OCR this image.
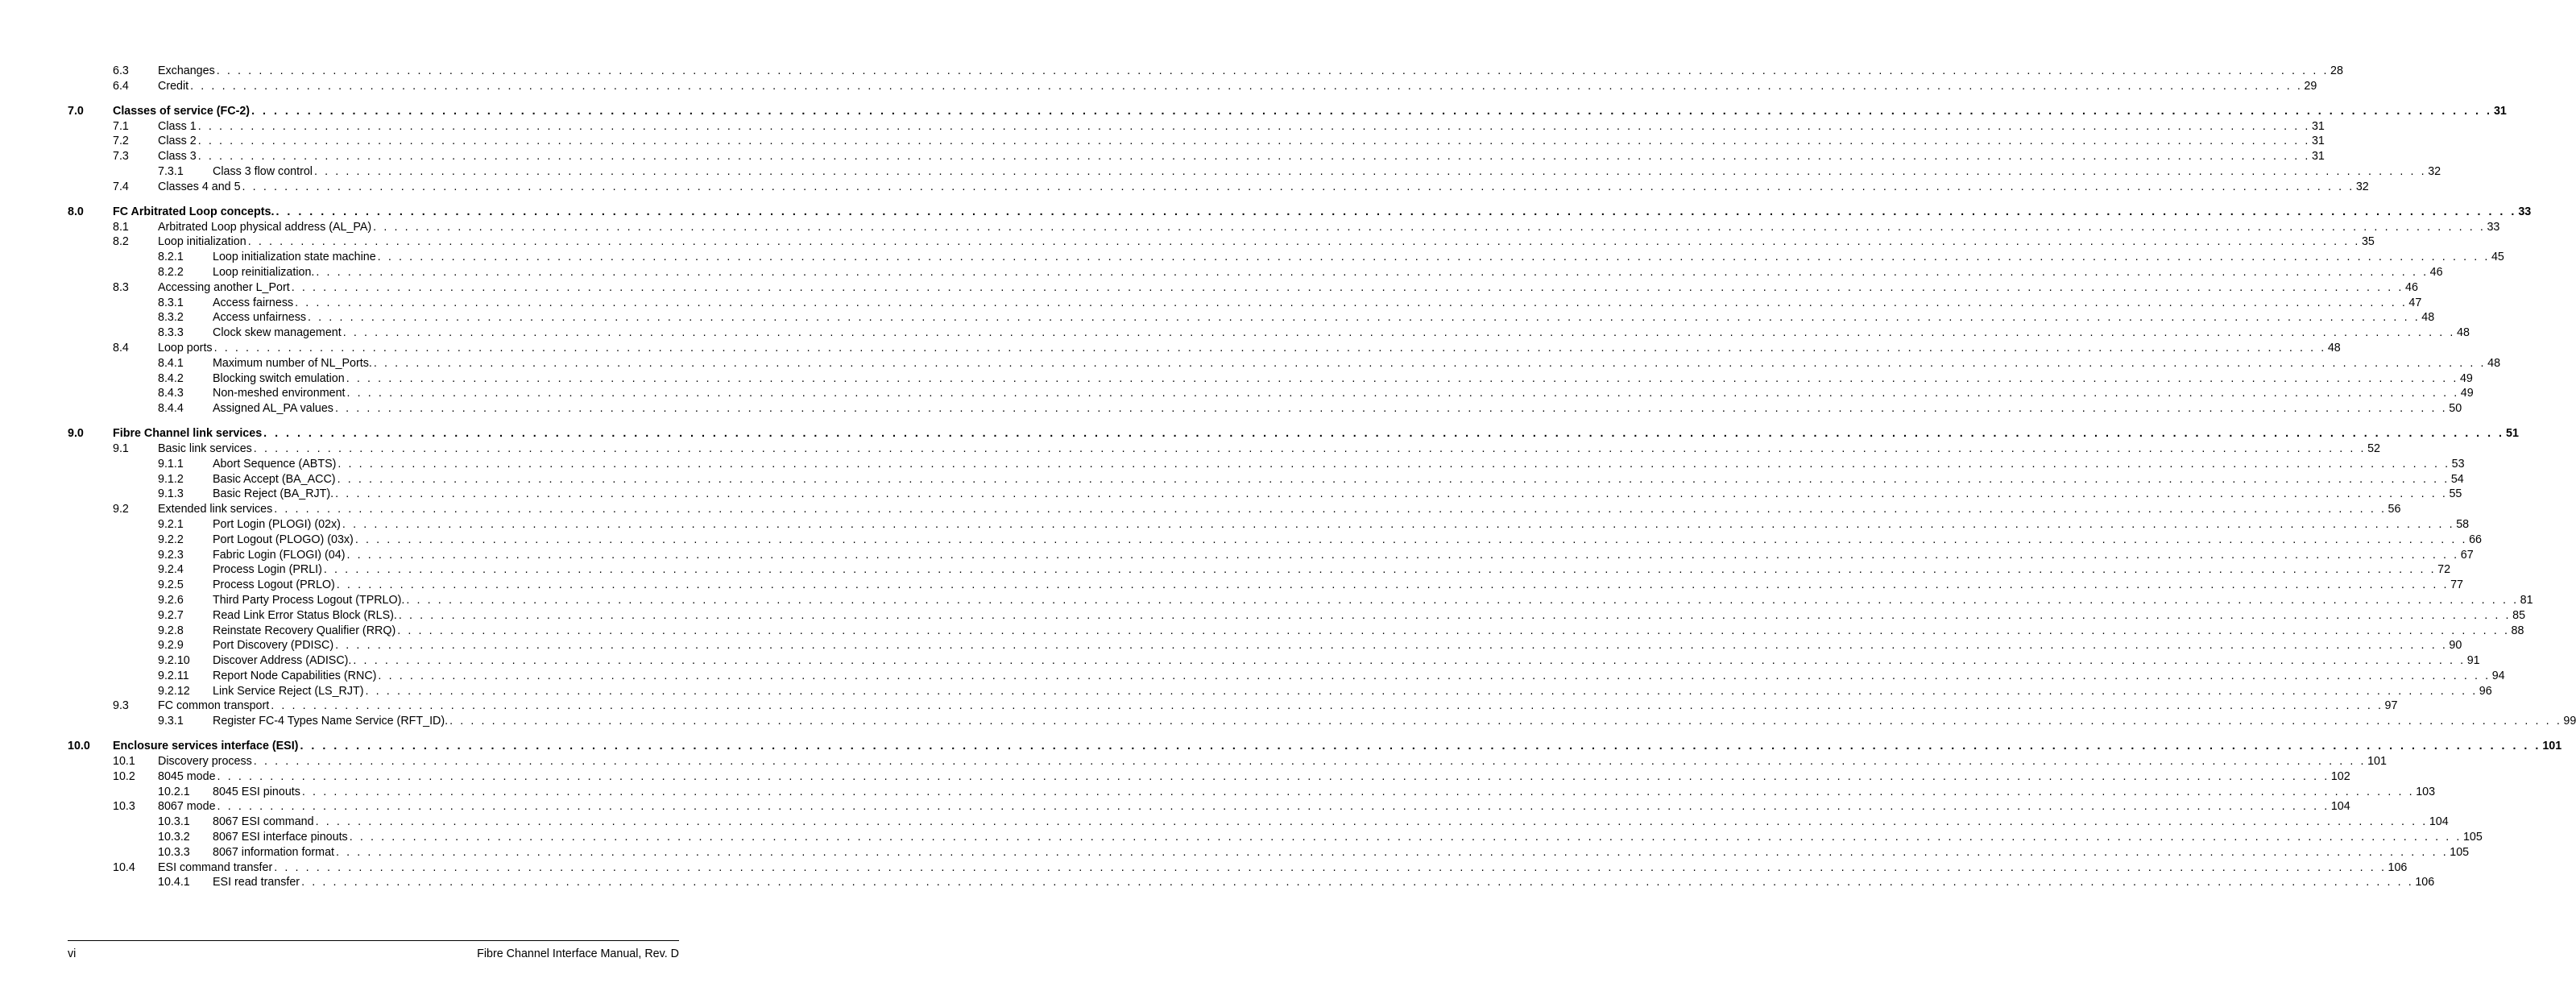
6.3	Exchanges . . . . . . . . . . . . . . . . . . . . . . . . . . . . . . . . . . . . . . . . . . . . . . . . . . . . . . . . . . . . . . . . . . . . . . . . . . . . . . . . . . . . . . . . . . . . . . . . . . . . . . . . . . . . . . . . . . . . . . . . . . . . . . . . . . . . . . . . . . . . . . . . . . . . . . . . . . . . . . . . . . . . . . . . . . . . . . . . . . . . . . . . . . . . . . . . . . . . . . . . 28
6.4	Credit . . . . . . . . . . . . . . . . . . . . . . . . . . . . . . . . . . . . . . . . . . . . . . . . . . . . . . . . . . . . . . . . . . . . . . . . . . . . . . . . . . . . . . . . . . . . . . . . . . . . . . . . . . . . . . . . . . . . . . . . . . . . . . . . . . . . . . . . . . . . . . . . . . . . . . . . . . . . . . . . . . . . . . . . . . . . . . . . . . . . . . . . . . . . . . . . . . . . . . . . 29
7.0	Classes of service (FC-2) . . . . . . . . . . . . . . . . . . . . . . . . . . . . . . . . . . . . . . . . . . . . . . . . . . . . . . . . . . . . . . . . . . . . . . . . . . . . . . . . . . . . . . . . . . . . . . . . . . . . . . . . . . . . . . . . . . . . . . . . . . . . . . . . . . . . . . . . . . . . . . . . . . . . . . . . . . . . . . . . . . . . . . . . . . . . . . . . . . . . . . . . . . . . . . . . . . . . . . . . 31
7.1	Class 1 . . . . . . . . . . . . . . . . . . . . . . . . . . . . . . . . . . . . . . . . . . . . . . . . . . . . . . . . . . . . . . . . . . . . . . . . . . . . . . . . . . . . . . . . . . . . . . . . . . . . . . . . . . . . . . . . . . . . . . . . . . . . . . . . . . . . . . . . . . . . . . . . . . . . . . . . . . . . . . . . . . . . . . . . . . . . . . . . . . . . . . . . . . . . . . . . . . . . . . . . 31
7.2	Class 2 . . . . . . . . . . . . . . . . . . . . . . . . . . . . . . . . . . . . . . . . . . . . . . . . . . . . . . . . . . . . . . . . . . . . . . . . . . . . . . . . . . . . . . . . . . . . . . . . . . . . . . . . . . . . . . . . . . . . . . . . . . . . . . . . . . . . . . . . . . . . . . . . . . . . . . . . . . . . . . . . . . . . . . . . . . . . . . . . . . . . . . . . . . . . . . . . . . . . . . . . 31
7.3	Class 3 . . . . . . . . . . . . . . . . . . . . . . . . . . . . . . . . . . . . . . . . . . . . . . . . . . . . . . . . . . . . . . . . . . . . . . . . . . . . . . . . . . . . . . . . . . . . . . . . . . . . . . . . . . . . . . . . . . . . . . . . . . . . . . . . . . . . . . . . . . . . . . . . . . . . . . . . . . . . . . . . . . . . . . . . . . . . . . . . . . . . . . . . . . . . . . . . . . . . . . . . 31
7.3.1	Class 3 flow control . . . . . . . . . . . . . . . . . . . . . . . . . . . . . . . . . . . . . . . . . . . . . . . . . . . . . . . . . . . . . . . . . . . . . . . . . . . . . . . . . . . . . . . . . . . . . . . . . . . . . . . . . . . . . . . . . . . . . . . . . . . . . . . . . . . . . . . . . . . . . . . . . . . . . . . . . . . . . . . . . . . . . . . . . . . . . . . . . . . . . . . . . . . . . . . . . . . . . . . . 32
7.4	Classes 4 and 5 . . . . . . . . . . . . . . . . . . . . . . . . . . . . . . . . . . . . . . . . . . . . . . . . . . . . . . . . . . . . . . . . . . . . . . . . . . . . . . . . . . . . . . . . . . . . . . . . . . . . . . . . . . . . . . . . . . . . . . . . . . . . . . . . . . . . . . . . . . . . . . . . . . . . . . . . . . . . . . . . . . . . . . . . . . . . . . . . . . . . . . . . . . . . . . . . . . . . . . . . 32
8.0	FC Arbitrated Loop concepts. . . . . . . . . . . . . . . . . . . . . . . . . . . . . . . . . . . . . . . . . . . . . . . . . . . . . . . . . . . . . . . . . . . . . . . . . . . . . . . . . . . . . . . . . . . . . . . . . . . . . . . . . . . . . . . . . . . . . . . . . . . . . . . . . . . . . . . . . . . . . . . . . . . . . . . . . . . . . . . . . . . . . . . . . . . . . . . . . . . . . . . . . . . . . . . . . . . . . . . . . 33
8.1	Arbitrated Loop physical address (AL_PA) . . . . . . . . . . . . . . . . . . . . . . . . . . . . . . . . . . . . . . . . . . . . . . . . . . . . . . . . . . . . . . . . . . . . . . . . . . . . . . . . . . . . . . . . . . . . . . . . . . . . . . . . . . . . . . . . . . . . . . . . . . . . . . . . . . . . . . . . . . . . . . . . . . . . . . . . . . . . . . . . . . . . . . . . . . . . . . . . . . . . . . . . . . . . . . . . . . . . . . . . 33
8.2	Loop initialization . . . . . . . . . . . . . . . . . . . . . . . . . . . . . . . . . . . . . . . . . . . . . . . . . . . . . . . . . . . . . . . . . . . . . . . . . . . . . . . . . . . . . . . . . . . . . . . . . . . . . . . . . . . . . . . . . . . . . . . . . . . . . . . . . . . . . . . . . . . . . . . . . . . . . . . . . . . . . . . . . . . . . . . . . . . . . . . . . . . . . . . . . . . . . . . . . . . . . . . . 35
8.2.1	Loop initialization state machine . . . . . . . . . . . . . . . . . . . . . . . . . . . . . . . . . . . . . . . . . . . . . . . . . . . . . . . . . . . . . . . . . . . . . . . . . . . . . . . . . . . . . . . . . . . . . . . . . . . . . . . . . . . . . . . . . . . . . . . . . . . . . . . . . . . . . . . . . . . . . . . . . . . . . . . . . . . . . . . . . . . . . . . . . . . . . . . . . . . . . . . . . . . . . . . . . . . . . . . . 45
8.2.2	Loop reinitialization. . . . . . . . . . . . . . . . . . . . . . . . . . . . . . . . . . . . . . . . . . . . . . . . . . . . . . . . . . . . . . . . . . . . . . . . . . . . . . . . . . . . . . . . . . . . . . . . . . . . . . . . . . . . . . . . . . . . . . . . . . . . . . . . . . . . . . . . . . . . . . . . . . . . . . . . . . . . . . . . . . . . . . . . . . . . . . . . . . . . . . . . . . . . . . . . . . . . . . . . . 46
8.3	Accessing another L_Port . . . . . . . . . . . . . . . . . . . . . . . . . . . . . . . . . . . . . . . . . . . . . . . . . . . . . . . . . . . . . . . . . . . . . . . . . . . . . . . . . . . . . . . . . . . . . . . . . . . . . . . . . . . . . . . . . . . . . . . . . . . . . . . . . . . . . . . . . . . . . . . . . . . . . . . . . . . . . . . . . . . . . . . . . . . . . . . . . . . . . . . . . . . . . . . . . . . . . . . . 46
8.3.1	Access fairness . . . . . . . . . . . . . . . . . . . . . . . . . . . . . . . . . . . . . . . . . . . . . . . . . . . . . . . . . . . . . . . . . . . . . . . . . . . . . . . . . . . . . . . . . . . . . . . . . . . . . . . . . . . . . . . . . . . . . . . . . . . . . . . . . . . . . . . . . . . . . . . . . . . . . . . . . . . . . . . . . . . . . . . . . . . . . . . . . . . . . . . . . . . . . . . . . . . . . . . . 47
8.3.2	Access unfairness . . . . . . . . . . . . . . . . . . . . . . . . . . . . . . . . . . . . . . . . . . . . . . . . . . . . . . . . . . . . . . . . . . . . . . . . . . . . . . . . . . . . . . . . . . . . . . . . . . . . . . . . . . . . . . . . . . . . . . . . . . . . . . . . . . . . . . . . . . . . . . . . . . . . . . . . . . . . . . . . . . . . . . . . . . . . . . . . . . . . . . . . . . . . . . . . . . . . . . . . 48
8.3.3	Clock skew management . . . . . . . . . . . . . . . . . . . . . . . . . . . . . . . . . . . . . . . . . . . . . . . . . . . . . . . . . . . . . . . . . . . . . . . . . . . . . . . . . . . . . . . . . . . . . . . . . . . . . . . . . . . . . . . . . . . . . . . . . . . . . . . . . . . . . . . . . . . . . . . . . . . . . . . . . . . . . . . . . . . . . . . . . . . . . . . . . . . . . . . . . . . . . . . . . . . . . . . . 48
8.4	Loop ports . . . . . . . . . . . . . . . . . . . . . . . . . . . . . . . . . . . . . . . . . . . . . . . . . . . . . . . . . . . . . . . . . . . . . . . . . . . . . . . . . . . . . . . . . . . . . . . . . . . . . . . . . . . . . . . . . . . . . . . . . . . . . . . . . . . . . . . . . . . . . . . . . . . . . . . . . . . . . . . . . . . . . . . . . . . . . . . . . . . . . . . . . . . . . . . . . . . . . . . . 48
8.4.1	Maximum number of NL_Ports. . . . . . . . . . . . . . . . . . . . . . . . . . . . . . . . . . . . . . . . . . . . . . . . . . . . . . . . . . . . . . . . . . . . . . . . . . . . . . . . . . . . . . . . . . . . . . . . . . . . . . . . . . . . . . . . . . . . . . . . . . . . . . . . . . . . . . . . . . . . . . . . . . . . . . . . . . . . . . . . . . . . . . . . . . . . . . . . . . . . . . . . . . . . . . . . . . . . . . . . . 48
8.4.2	Blocking switch emulation . . . . . . . . . . . . . . . . . . . . . . . . . . . . . . . . . . . . . . . . . . . . . . . . . . . . . . . . . . . . . . . . . . . . . . . . . . . . . . . . . . . . . . . . . . . . . . . . . . . . . . . . . . . . . . . . . . . . . . . . . . . . . . . . . . . . . . . . . . . . . . . . . . . . . . . . . . . . . . . . . . . . . . . . . . . . . . . . . . . . . . . . . . . . . . . . . . . . . . . . 49
8.4.3	Non-meshed environment . . . . . . . . . . . . . . . . . . . . . . . . . . . . . . . . . . . . . . . . . . . . . . . . . . . . . . . . . . . . . . . . . . . . . . . . . . . . . . . . . . . . . . . . . . . . . . . . . . . . . . . . . . . . . . . . . . . . . . . . . . . . . . . . . . . . . . . . . . . . . . . . . . . . . . . . . . . . . . . . . . . . . . . . . . . . . . . . . . . . . . . . . . . . . . . . . . . . . . . . 49
8.4.4	Assigned AL_PA values . . . . . . . . . . . . . . . . . . . . . . . . . . . . . . . . . . . . . . . . . . . . . . . . . . . . . . . . . . . . . . . . . . . . . . . . . . . . . . . . . . . . . . . . . . . . . . . . . . . . . . . . . . . . . . . . . . . . . . . . . . . . . . . . . . . . . . . . . . . . . . . . . . . . . . . . . . . . . . . . . . . . . . . . . . . . . . . . . . . . . . . . . . . . . . . . . . . . . . . . 50
9.0	Fibre Channel link services . . . . . . . . . . . . . . . . . . . . . . . . . . . . . . . . . . . . . . . . . . . . . . . . . . . . . . . . . . . . . . . . . . . . . . . . . . . . . . . . . . . . . . . . . . . . . . . . . . . . . . . . . . . . . . . . . . . . . . . . . . . . . . . . . . . . . . . . . . . . . . . . . . . . . . . . . . . . . . . . . . . . . . . . . . . . . . . . . . . . . . . . . . . . . . . . . . . . . . . . 51
9.1	Basic link services . . . . . . . . . . . . . . . . . . . . . . . . . . . . . . . . . . . . . . . . . . . . . . . . . . . . . . . . . . . . . . . . . . . . . . . . . . . . . . . . . . . . . . . . . . . . . . . . . . . . . . . . . . . . . . . . . . . . . . . . . . . . . . . . . . . . . . . . . . . . . . . . . . . . . . . . . . . . . . . . . . . . . . . . . . . . . . . . . . . . . . . . . . . . . . . . . . . . . . . . 52
9.1.1	Abort Sequence (ABTS) . . . . . . . . . . . . . . . . . . . . . . . . . . . . . . . . . . . . . . . . . . . . . . . . . . . . . . . . . . . . . . . . . . . . . . . . . . . . . . . . . . . . . . . . . . . . . . . . . . . . . . . . . . . . . . . . . . . . . . . . . . . . . . . . . . . . . . . . . . . . . . . . . . . . . . . . . . . . . . . . . . . . . . . . . . . . . . . . . . . . . . . . . . . . . . . . . . . . . . . . 53
9.1.2	Basic Accept (BA_ACC) . . . . . . . . . . . . . . . . . . . . . . . . . . . . . . . . . . . . . . . . . . . . . . . . . . . . . . . . . . . . . . . . . . . . . . . . . . . . . . . . . . . . . . . . . . . . . . . . . . . . . . . . . . . . . . . . . . . . . . . . . . . . . . . . . . . . . . . . . . . . . . . . . . . . . . . . . . . . . . . . . . . . . . . . . . . . . . . . . . . . . . . . . . . . . . . . . . . . . . . . 54
9.1.3	Basic Reject (BA_RJT). . . . . . . . . . . . . . . . . . . . . . . . . . . . . . . . . . . . . . . . . . . . . . . . . . . . . . . . . . . . . . . . . . . . . . . . . . . . . . . . . . . . . . . . . . . . . . . . . . . . . . . . . . . . . . . . . . . . . . . . . . . . . . . . . . . . . . . . . . . . . . . . . . . . . . . . . . . . . . . . . . . . . . . . . . . . . . . . . . . . . . . . . . . . . . . . . . . . . . . . . 55
9.2	Extended link services . . . . . . . . . . . . . . . . . . . . . . . . . . . . . . . . . . . . . . . . . . . . . . . . . . . . . . . . . . . . . . . . . . . . . . . . . . . . . . . . . . . . . . . . . . . . . . . . . . . . . . . . . . . . . . . . . . . . . . . . . . . . . . . . . . . . . . . . . . . . . . . . . . . . . . . . . . . . . . . . . . . . . . . . . . . . . . . . . . . . . . . . . . . . . . . . . . . . . . . . 56
9.2.1	Port Login (PLOGI) (02x) . . . . . . . . . . . . . . . . . . . . . . . . . . . . . . . . . . . . . . . . . . . . . . . . . . . . . . . . . . . . . . . . . . . . . . . . . . . . . . . . . . . . . . . . . . . . . . . . . . . . . . . . . . . . . . . . . . . . . . . . . . . . . . . . . . . . . . . . . . . . . . . . . . . . . . . . . . . . . . . . . . . . . . . . . . . . . . . . . . . . . . . . . . . . . . . . . . . . . . . . 58
9.2.2	Port Logout (PLOGO) (03x) . . . . . . . . . . . . . . . . . . . . . . . . . . . . . . . . . . . . . . . . . . . . . . . . . . . . . . . . . . . . . . . . . . . . . . . . . . . . . . . . . . . . . . . . . . . . . . . . . . . . . . . . . . . . . . . . . . . . . . . . . . . . . . . . . . . . . . . . . . . . . . . . . . . . . . . . . . . . . . . . . . . . . . . . . . . . . . . . . . . . . . . . . . . . . . . . . . . . . . . . 66
9.2.3	Fabric Login (FLOGI) (04) . . . . . . . . . . . . . . . . . . . . . . . . . . . . . . . . . . . . . . . . . . . . . . . . . . . . . . . . . . . . . . . . . . . . . . . . . . . . . . . . . . . . . . . . . . . . . . . . . . . . . . . . . . . . . . . . . . . . . . . . . . . . . . . . . . . . . . . . . . . . . . . . . . . . . . . . . . . . . . . . . . . . . . . . . . . . . . . . . . . . . . . . . . . . . . . . . . . . . . . . 67
9.2.4	Process Login (PRLI) . . . . . . . . . . . . . . . . . . . . . . . . . . . . . . . . . . . . . . . . . . . . . . . . . . . . . . . . . . . . . . . . . . . . . . . . . . . . . . . . . . . . . . . . . . . . . . . . . . . . . . . . . . . . . . . . . . . . . . . . . . . . . . . . . . . . . . . . . . . . . . . . . . . . . . . . . . . . . . . . . . . . . . . . . . . . . . . . . . . . . . . . . . . . . . . . . . . . . . . . 72
9.2.5	Process Logout (PRLO) . . . . . . . . . . . . . . . . . . . . . . . . . . . . . . . . . . . . . . . . . . . . . . . . . . . . . . . . . . . . . . . . . . . . . . . . . . . . . . . . . . . . . . . . . . . . . . . . . . . . . . . . . . . . . . . . . . . . . . . . . . . . . . . . . . . . . . . . . . . . . . . . . . . . . . . . . . . . . . . . . . . . . . . . . . . . . . . . . . . . . . . . . . . . . . . . . . . . . . . . 77
9.2.6	Third Party Process Logout (TPRLO). . . . . . . . . . . . . . . . . . . . . . . . . . . . . . . . . . . . . . . . . . . . . . . . . . . . . . . . . . . . . . . . . . . . . . . . . . . . . . . . . . . . . . . . . . . . . . . . . . . . . . . . . . . . . . . . . . . . . . . . . . . . . . . . . . . . . . . . . . . . . . . . . . . . . . . . . . . . . . . . . . . . . . . . . . . . . . . . . . . . . . . . . . . . . . . . . . . . . . . . . 81
9.2.7	Read Link Error Status Block (RLS). . . . . . . . . . . . . . . . . . . . . . . . . . . . . . . . . . . . . . . . . . . . . . . . . . . . . . . . . . . . . . . . . . . . . . . . . . . . . . . . . . . . . . . . . . . . . . . . . . . . . . . . . . . . . . . . . . . . . . . . . . . . . . . . . . . . . . . . . . . . . . . . . . . . . . . . . . . . . . . . . . . . . . . . . . . . . . . . . . . . . . . . . . . . . . . . . . . . . . . . . 85
9.2.8	Reinstate Recovery Qualifier (RRQ) . . . . . . . . . . . . . . . . . . . . . . . . . . . . . . . . . . . . . . . . . . . . . . . . . . . . . . . . . . . . . . . . . . . . . . . . . . . . . . . . . . . . . . . . . . . . . . . . . . . . . . . . . . . . . . . . . . . . . . . . . . . . . . . . . . . . . . . . . . . . . . . . . . . . . . . . . . . . . . . . . . . . . . . . . . . . . . . . . . . . . . . . . . . . . . . . . . . . . . . . 88
9.2.9	Port Discovery (PDISC) . . . . . . . . . . . . . . . . . . . . . . . . . . . . . . . . . . . . . . . . . . . . . . . . . . . . . . . . . . . . . . . . . . . . . . . . . . . . . . . . . . . . . . . . . . . . . . . . . . . . . . . . . . . . . . . . . . . . . . . . . . . . . . . . . . . . . . . . . . . . . . . . . . . . . . . . . . . . . . . . . . . . . . . . . . . . . . . . . . . . . . . . . . . . . . . . . . . . . . . . 90
9.2.10 Discover Address (ADISC). . . . . . . . . . . . . . . . . . . . . . . . . . . . . . . . . . . . . . . . . . . . . . . . . . . . . . . . . . . . . . . . . . . . . . . . . . . . . . . . . . . . . . . . . . . . . . . . . . . . . . . . . . . . . . . . . . . . . . . . . . . . . . . . . . . . . . . . . . . . . . . . . . . . . . . . . . . . . . . . . . . . . . . . . . . . . . . . . . . . . . . . . . . . . . . . . . . . . . . . . 91
9.2.11 Report Node Capabilities (RNC) . . . . . . . . . . . . . . . . . . . . . . . . . . . . . . . . . . . . . . . . . . . . . . . . . . . . . . . . . . . . . . . . . . . . . . . . . . . . . . . . . . . . . . . . . . . . . . . . . . . . . . . . . . . . . . . . . . . . . . . . . . . . . . . . . . . . . . . . . . . . . . . . . . . . . . . . . . . . . . . . . . . . . . . . . . . . . . . . . . . . . . . . . . . . . . . . . . . . . . . . 94
9.2.12 Link Service Reject (LS_RJT) . . . . . . . . . . . . . . . . . . . . . . . . . . . . . . . . . . . . . . . . . . . . . . . . . . . . . . . . . . . . . . . . . . . . . . . . . . . . . . . . . . . . . . . . . . . . . . . . . . . . . . . . . . . . . . . . . . . . . . . . . . . . . . . . . . . . . . . . . . . . . . . . . . . . . . . . . . . . . . . . . . . . . . . . . . . . . . . . . . . . . . . . . . . . . . . . . . . . . . . . 96
9.3	FC common transport . . . . . . . . . . . . . . . . . . . . . . . . . . . . . . . . . . . . . . . . . . . . . . . . . . . . . . . . . . . . . . . . . . . . . . . . . . . . . . . . . . . . . . . . . . . . . . . . . . . . . . . . . . . . . . . . . . . . . . . . . . . . . . . . . . . . . . . . . . . . . . . . . . . . . . . . . . . . . . . . . . . . . . . . . . . . . . . . . . . . . . . . . . . . . . . . . . . . . . . . 97
9.3.1	Register FC-4 Types Name Service (RFT_ID). . . . . . . . . . . . . . . . . . . . . . . . . . . . . . . . . . . . . . . . . . . . . . . . . . . . . . . . . . . . . . . . . . . . . . . . . . . . . . . . . . . . . . . . . . . . . . . . . . . . . . . . . . . . . . . . . . . . . . . . . . . . . . . . . . . . . . . . . . . . . . . . . . . . . . . . . . . . . . . . . . . . . . . . . . . . . . . . . . . . . . . . . . . . . . . . . . . . . . . . . 99
10.0 Enclosure services interface (ESI) . . . . . . . . . . . . . . . . . . . . . . . . . . . . . . . . . . . . . . . . . . . . . . . . . . . . . . . . . . . . . . . . . . . . . . . . . . . . . . . . . . . . . . . . . . . . . . . . . . . . . . . . . . . . . . . . . . . . . . . . . . . . . . . . . . . . . . . . . . . . . . . . . . . . . . . . . . . . . . . . . . . . . . . . . . . . . . . . . . . . . . . . . . . . . . . . . . . . . . . . 101
10.1 Discovery process . . . . . . . . . . . . . . . . . . . . . . . . . . . . . . . . . . . . . . . . . . . . . . . . . . . . . . . . . . . . . . . . . . . . . . . . . . . . . . . . . . . . . . . . . . . . . . . . . . . . . . . . . . . . . . . . . . . . . . . . . . . . . . . . . . . . . . . . . . . . . . . . . . . . . . . . . . . . . . . . . . . . . . . . . . . . . . . . . . . . . . . . . . . . . . . . . . . . . . . . 101
10.2 8045 mode . . . . . . . . . . . . . . . . . . . . . . . . . . . . . . . . . . . . . . . . . . . . . . . . . . . . . . . . . . . . . . . . . . . . . . . . . . . . . . . . . . . . . . . . . . . . . . . . . . . . . . . . . . . . . . . . . . . . . . . . . . . . . . . . . . . . . . . . . . . . . . . . . . . . . . . . . . . . . . . . . . . . . . . . . . . . . . . . . . . . . . . . . . . . . . . . . . . . . . . . 102
10.2.1 8045 ESI pinouts . . . . . . . . . . . . . . . . . . . . . . . . . . . . . . . . . . . . . . . . . . . . . . . . . . . . . . . . . . . . . . . . . . . . . . . . . . . . . . . . . . . . . . . . . . . . . . . . . . . . . . . . . . . . . . . . . . . . . . . . . . . . . . . . . . . . . . . . . . . . . . . . . . . . . . . . . . . . . . . . . . . . . . . . . . . . . . . . . . . . . . . . . . . . . . . . . . . . . . . . 103
10.3 8067 mode . . . . . . . . . . . . . . . . . . . . . . . . . . . . . . . . . . . . . . . . . . . . . . . . . . . . . . . . . . . . . . . . . . . . . . . . . . . . . . . . . . . . . . . . . . . . . . . . . . . . . . . . . . . . . . . . . . . . . . . . . . . . . . . . . . . . . . . . . . . . . . . . . . . . . . . . . . . . . . . . . . . . . . . . . . . . . . . . . . . . . . . . . . . . . . . . . . . . . . . . 104
10.3.1 8067 ESI command . . . . . . . . . . . . . . . . . . . . . . . . . . . . . . . . . . . . . . . . . . . . . . . . . . . . . . . . . . . . . . . . . . . . . . . . . . . . . . . . . . . . . . . . . . . . . . . . . . . . . . . . . . . . . . . . . . . . . . . . . . . . . . . . . . . . . . . . . . . . . . . . . . . . . . . . . . . . . . . . . . . . . . . . . . . . . . . . . . . . . . . . . . . . . . . . . . . . . . . . 104
10.3.2 8067 ESI interface pinouts . . . . . . . . . . . . . . . . . . . . . . . . . . . . . . . . . . . . . . . . . . . . . . . . . . . . . . . . . . . . . . . . . . . . . . . . . . . . . . . . . . . . . . . . . . . . . . . . . . . . . . . . . . . . . . . . . . . . . . . . . . . . . . . . . . . . . . . . . . . . . . . . . . . . . . . . . . . . . . . . . . . . . . . . . . . . . . . . . . . . . . . . . . . . . . . . . . . . . . . . 105
10.3.3 8067 information format . . . . . . . . . . . . . . . . . . . . . . . . . . . . . . . . . . . . . . . . . . . . . . . . . . . . . . . . . . . . . . . . . . . . . . . . . . . . . . . . . . . . . . . . . . . . . . . . . . . . . . . . . . . . . . . . . . . . . . . . . . . . . . . . . . . . . . . . . . . . . . . . . . . . . . . . . . . . . . . . . . . . . . . . . . . . . . . . . . . . . . . . . . . . . . . . . . . . . . . . 105
10.4 ESI command transfer . . . . . . . . . . . . . . . . . . . . . . . . . . . . . . . . . . . . . . . . . . . . . . . . . . . . . . . . . . . . . . . . . . . . . . . . . . . . . . . . . . . . . . . . . . . . . . . . . . . . . . . . . . . . . . . . . . . . . . . . . . . . . . . . . . . . . . . . . . . . . . . . . . . . . . . . . . . . . . . . . . . . . . . . . . . . . . . . . . . . . . . . . . . . . . . . . . . . . . . . 106
10.4.1 ESI read transfer . . . . . . . . . . . . . . . . . . . . . . . . . . . . . . . . . . . . . . . . . . . . . . . . . . . . . . . . . . . . . . . . . . . . . . . . . . . . . . . . . . . . . . . . . . . . . . . . . . . . . . . . . . . . . . . . . . . . . . . . . . . . . . . . . . . . . . . . . . . . . . . . . . . . . . . . . . . . . . . . . . . . . . . . . . . . . . . . . . . . . . . . . . . . . . . . . . . . . . . . 106
vi	Fibre Channel Interface Manual, Rev. D
